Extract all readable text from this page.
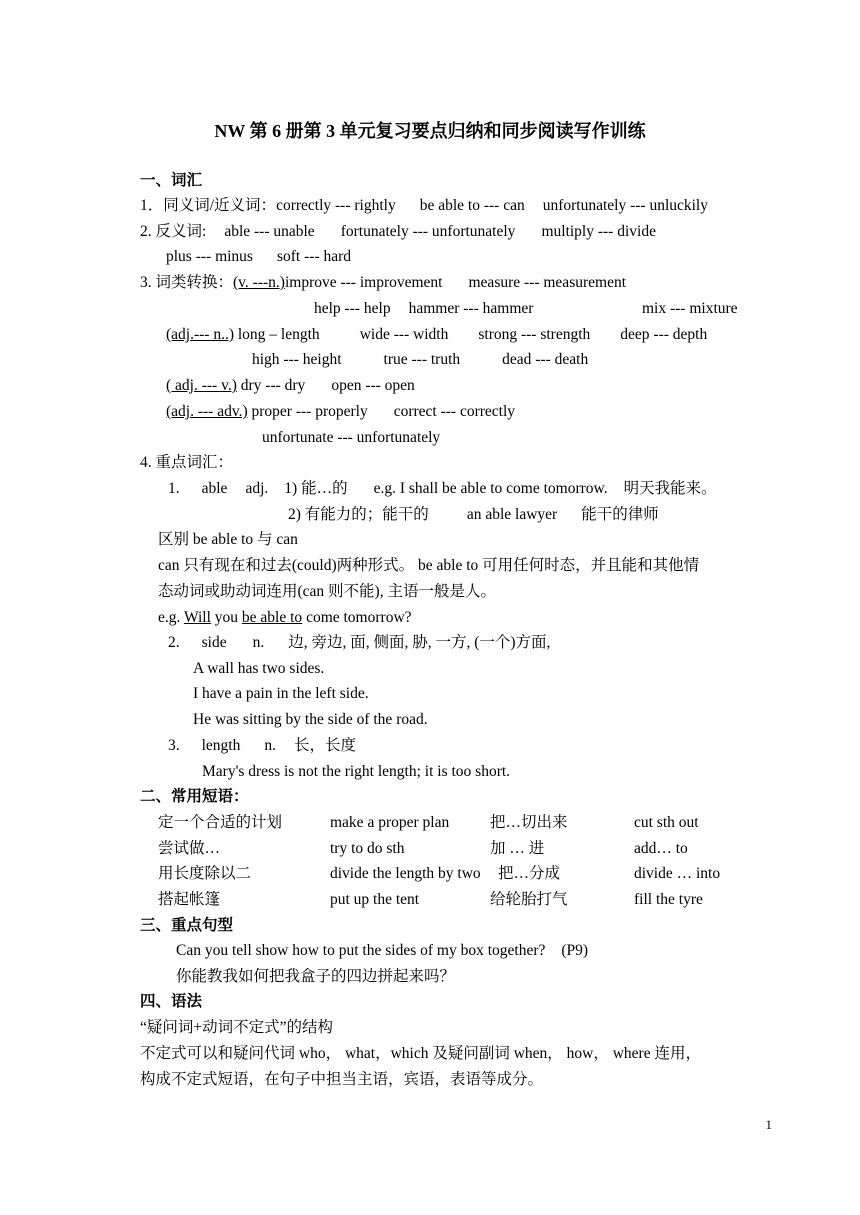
NW 第 6 册第 3 单元复习要点归纳和同步阅读写作训练
一、词汇
1．同义词/近义词：correctly --- rightly be able to --- can unfortunately --- unluckily
2. 反义词: able --- unable fortunately --- unfortunately multiply --- divide
plus --- minus soft --- hard
3. 词类转换：(v. ---n.)improve --- improvement measure --- measurement
help --- help hammer --- hammer	mix --- mixture
(adj.--- n..) long – length	wide --- width strong --- strength deep --- depth
high --- height	true --- truth	dead --- death
( adj. --- v.) dry --- dry open --- open
(adj. --- adv.) proper --- properly correct --- correctly
unfortunate --- unfortunately
4. 重点词汇：
1. able adj. 1) 能…的 e.g. I shall be able to come tomorrow. 明天我能来。
2) 有能力的；能干的 an able lawyer 能干的律师
区别 be able to 与 can
can 只有现在和过去(could)两种形式。 be able to 可用任何时态，并且能和其他情
态动词或助动词连用(can 则不能), 主语一般是人。
e.g. Will you be able to come tomorrow?
2. side n. 边, 旁边, 面, 侧面, 胁, 一方, (一个)方面,
A wall has two sides.
I have a pain in the left side.
He was sitting by the side of the road.
3. length n. 长，长度
Mary's dress is not the right length; it is too short.
二、常用短语：
定一个合适的计划	make a proper plan	把…切出来	cut sth out
尝试做…	try to do sth	加 … 进	add… to
用长度除以二	divide the length by two 把…分成	divide … into
搭起帐篷	put up the tent	给轮胎打气	fill the tyre
三、重点句型
Can you tell show how to put the sides of my box together? (P9)
你能教我如何把我盒子的四边拼起来吗？
四、语法
“疑问词+动词不定式”的结构
不定式可以和疑问代词 who， what，which 及疑问副词 when， how， where 连用，
构成不定式短语，在句子中担当主语，宾语，表语等成分。
1
